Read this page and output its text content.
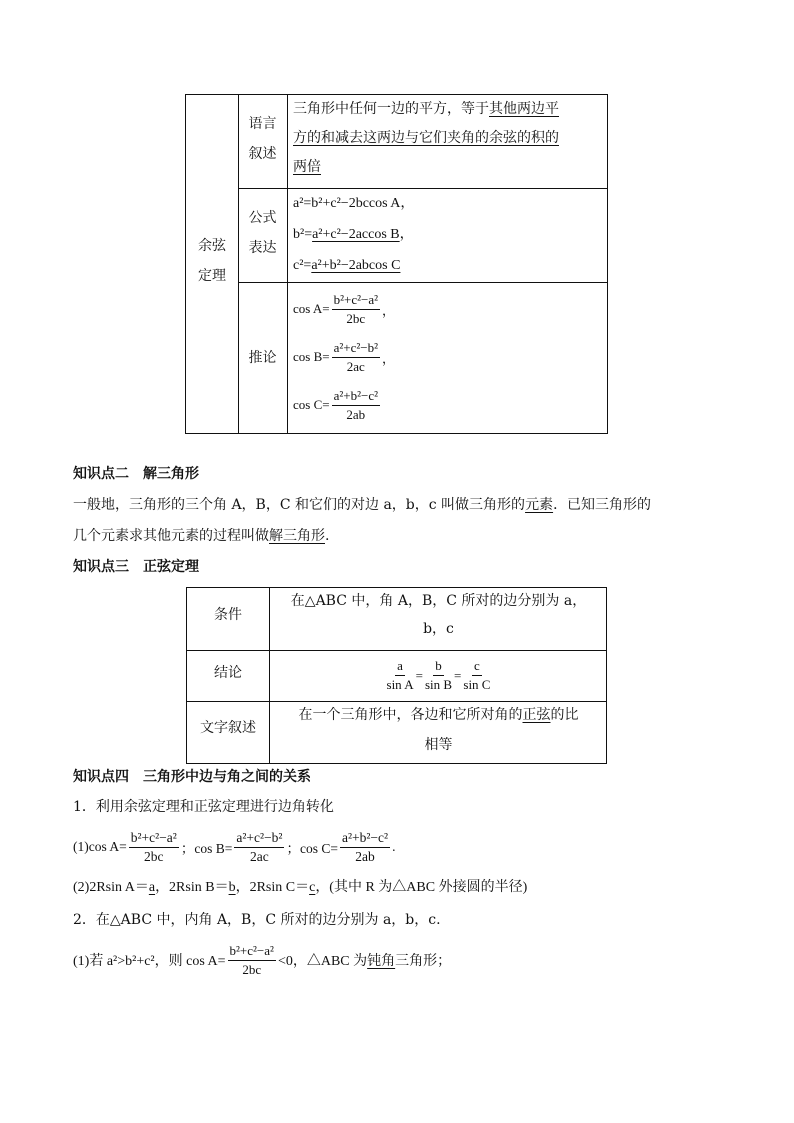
余弦
定理
语言
叙述
三角形中任何一边的平方，等于其他两边平
方的和减去这两边与它们夹角的余弦的积的
两倍
公式
表达
a²=b²+c²−2bccos A，
b²=a²+c²−2accos B，
c²=a²+b²−2abcos C
推论
$\cos A= \frac{\text{b²+c²−a²}}{2bc}$ ，
$\cos B= \frac{\text{a²+c²−b²}}{2ac}$ ，
$\cos C= \frac{\text{a²+b²−c²}}{2ab}$
知识点二　解三角形
一般地，三角形的三个角 A，B，C 和它们的对边 a，b，c 叫做三角形的元素．已知三角形的
几个元素求其他元素的过程叫做解三角形.
知识点三　正弦定理
条件
在△ABC 中，角 A，B，C 所对的边分别为 a，
b，c
结论	$\frac{a}{\text{sin A}} = \frac{b}{\text{sin B}} = \frac{c}{\text{sin C}}$
文字叙述
在一个三角形中，各边和它所对角的正弦的比
相等
知识点四　三角形中边与角之间的关系
1．利用余弦定理和正弦定理进行边角转化
(1)cos $A= \frac{\text{b²+c²−a²}}{2bc}$ ；$\cos B= \frac{\text{a²+c²−b²}}{2ac}$ ；$\cos C= \frac{\text{a²+b²−c²}}{2ab}$ .
(2)2Rsin A＝a，2Rsin B＝b，2Rsin C＝c，(其中 R 为△ABC 外接圆的半径)
2．在△ABC 中，内角 A，B，C 所对的边分别为 a，b，c.
(1)若 a²>b²+c²，则 $\cos A= \frac{\text{b²+c²−a²}}{2bc} <0$，△ABC 为 钝角 三角形；
